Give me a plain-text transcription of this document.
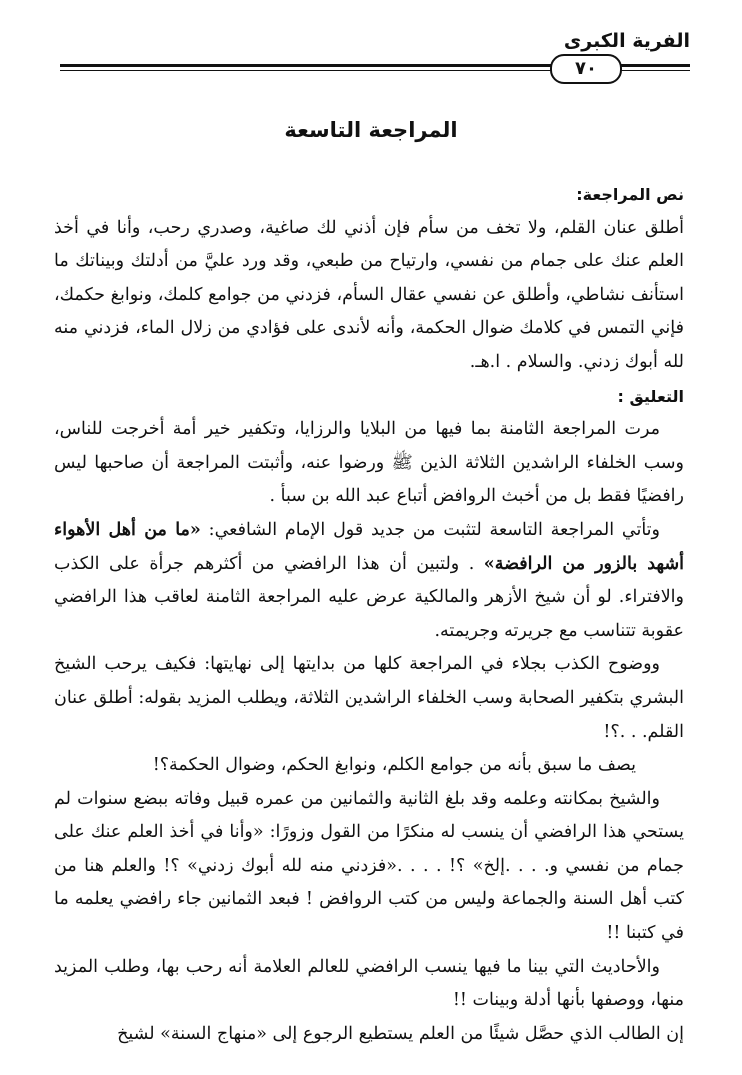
الفرية الكبرى
٧٠
المراجعة التاسعة

نص المراجعة:

أطلق عنان القلم، ولا تخف من سأم فإن أذني لك صاغية، وصدري رحب، وأنا في أخذ العلم عنك على جمام من نفسي، وارتياح من طبعي، وقد ورد عليَّ من أدلتك وبيناتك ما استأنف نشاطي، وأطلق عن نفسي عقال السأم، فزدني من جوامع كلمك، ونوابغ حكمك، فإني التمس في كلامك ضوال الحكمة، وأنه لأندى على فؤادي من زلال الماء، فزدني منه لله أبوك زدني. والسلام . ا.هـ.

التعليق :

مرت المراجعة الثامنة بما فيها من البلايا والرزايا، وتكفير خير أمة أخرجت للناس، وسب الخلفاء الراشدين الثلاثة الذين ﷺ ورضوا عنه، وأثبتت المراجعة أن صاحبها ليس رافضيًا فقط بل من أخبث الروافض أتباع عبد الله بن سبأ .

وتأتي المراجعة التاسعة لتثبت من جديد قول الإمام الشافعي: «ما من أهل الأهواء أشهد بالزور من الرافضة» . ولتبين أن هذا الرافضي من أكثرهم جرأة على الكذب والافتراء. لو أن شيخ الأزهر والمالكية عرض عليه المراجعة الثامنة لعاقب هذا الرافضي عقوبة تتناسب مع جريرته وجريمته.

ووضوح الكذب بجلاء في المراجعة كلها من بدايتها إلى نهايتها: فكيف يرحب الشيخ البشري بتكفير الصحابة وسب الخلفاء الراشدين الثلاثة، ويطلب المزيد بقوله: أطلق عنان القلم. . .؟!

يصف ما سبق بأنه من جوامع الكلم، ونوابغ الحكم، وضوال الحكمة؟!

والشيخ بمكانته وعلمه وقد بلغ الثانية والثمانين من عمره قبيل وفاته ببضع سنوات لم يستحي هذا الرافضي أن ينسب له منكرًا من القول وزورًا: «وأنا في أخذ العلم عنك على جمام من نفسي و. . . .إلخ» ؟! . . . .«فزدني منه لله أبوك زدني» ؟! والعلم هنا من كتب أهل السنة والجماعة وليس من كتب الروافض ! فبعد الثمانين جاء رافضي يعلمه ما في كتبنا !!

والأحاديث التي بينا ما فيها ينسب الرافضي للعالم العلامة أنه رحب بها، وطلب المزيد منها، ووصفها بأنها أدلة وبينات !!

إن الطالب الذي حصَّل شيئًا من العلم يستطيع الرجوع إلى «منهاج السنة» لشيخ
